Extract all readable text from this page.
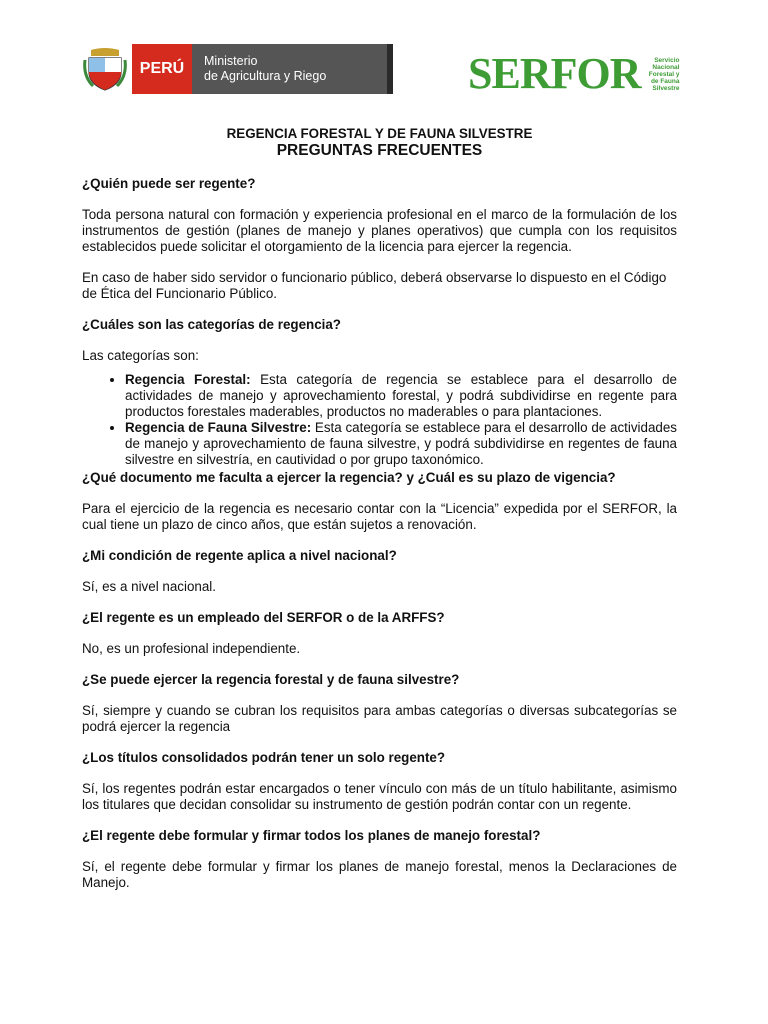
PERÚ	Ministerio
de Agricultura y Riego	SERFOR	Servicio
Nacional
Forestal y
de Fauna
Silvestre

REGENCIA FORESTAL Y DE FAUNA SILVESTRE

PREGUNTAS FRECUENTES

¿Quién puede ser regente?

Toda persona natural con formación y experiencia profesional en el marco de la formulación de los instrumentos de gestión (planes de manejo y planes operativos) que cumpla con los requisitos establecidos puede solicitar el otorgamiento de la licencia para ejercer la regencia.

En caso de haber sido servidor o funcionario público, deberá observarse lo dispuesto en el Código de Ética del Funcionario Público.

¿Cuáles son las categorías de regencia?

Las categorías son:

• Regencia Forestal: Esta categoría de regencia se establece para el desarrollo de actividades de manejo y aprovechamiento forestal, y podrá subdividirse en regente para productos forestales maderables, productos no maderables o para plantaciones.
• Regencia de Fauna Silvestre: Esta categoría se establece para el desarrollo de actividades de manejo y aprovechamiento de fauna silvestre, y podrá subdividirse en regentes de fauna silvestre en silvestría, en cautividad o por grupo taxonómico.

¿Qué documento me faculta a ejercer la regencia? y ¿Cuál es su plazo de vigencia?

Para el ejercicio de la regencia es necesario contar con la “Licencia” expedida por el SERFOR, la cual tiene un plazo de cinco años, que están sujetos a renovación.

¿Mi condición de regente aplica a nivel nacional?

Sí, es a nivel nacional.

¿El regente es un empleado del SERFOR o de la ARFFS?

No, es un profesional independiente.

¿Se puede ejercer la regencia forestal y de fauna silvestre?

Sí, siempre y cuando se cubran los requisitos para ambas categorías o diversas subcategorías se podrá ejercer la regencia

¿Los títulos consolidados podrán tener un solo regente?

Sí, los regentes podrán estar encargados o tener vínculo con más de un título habilitante, asimismo los titulares que decidan consolidar su instrumento de gestión podrán contar con un regente.

¿El regente debe formular y firmar todos los planes de manejo forestal?

Sí, el regente debe formular y firmar los planes de manejo forestal, menos la Declaraciones de Manejo.
